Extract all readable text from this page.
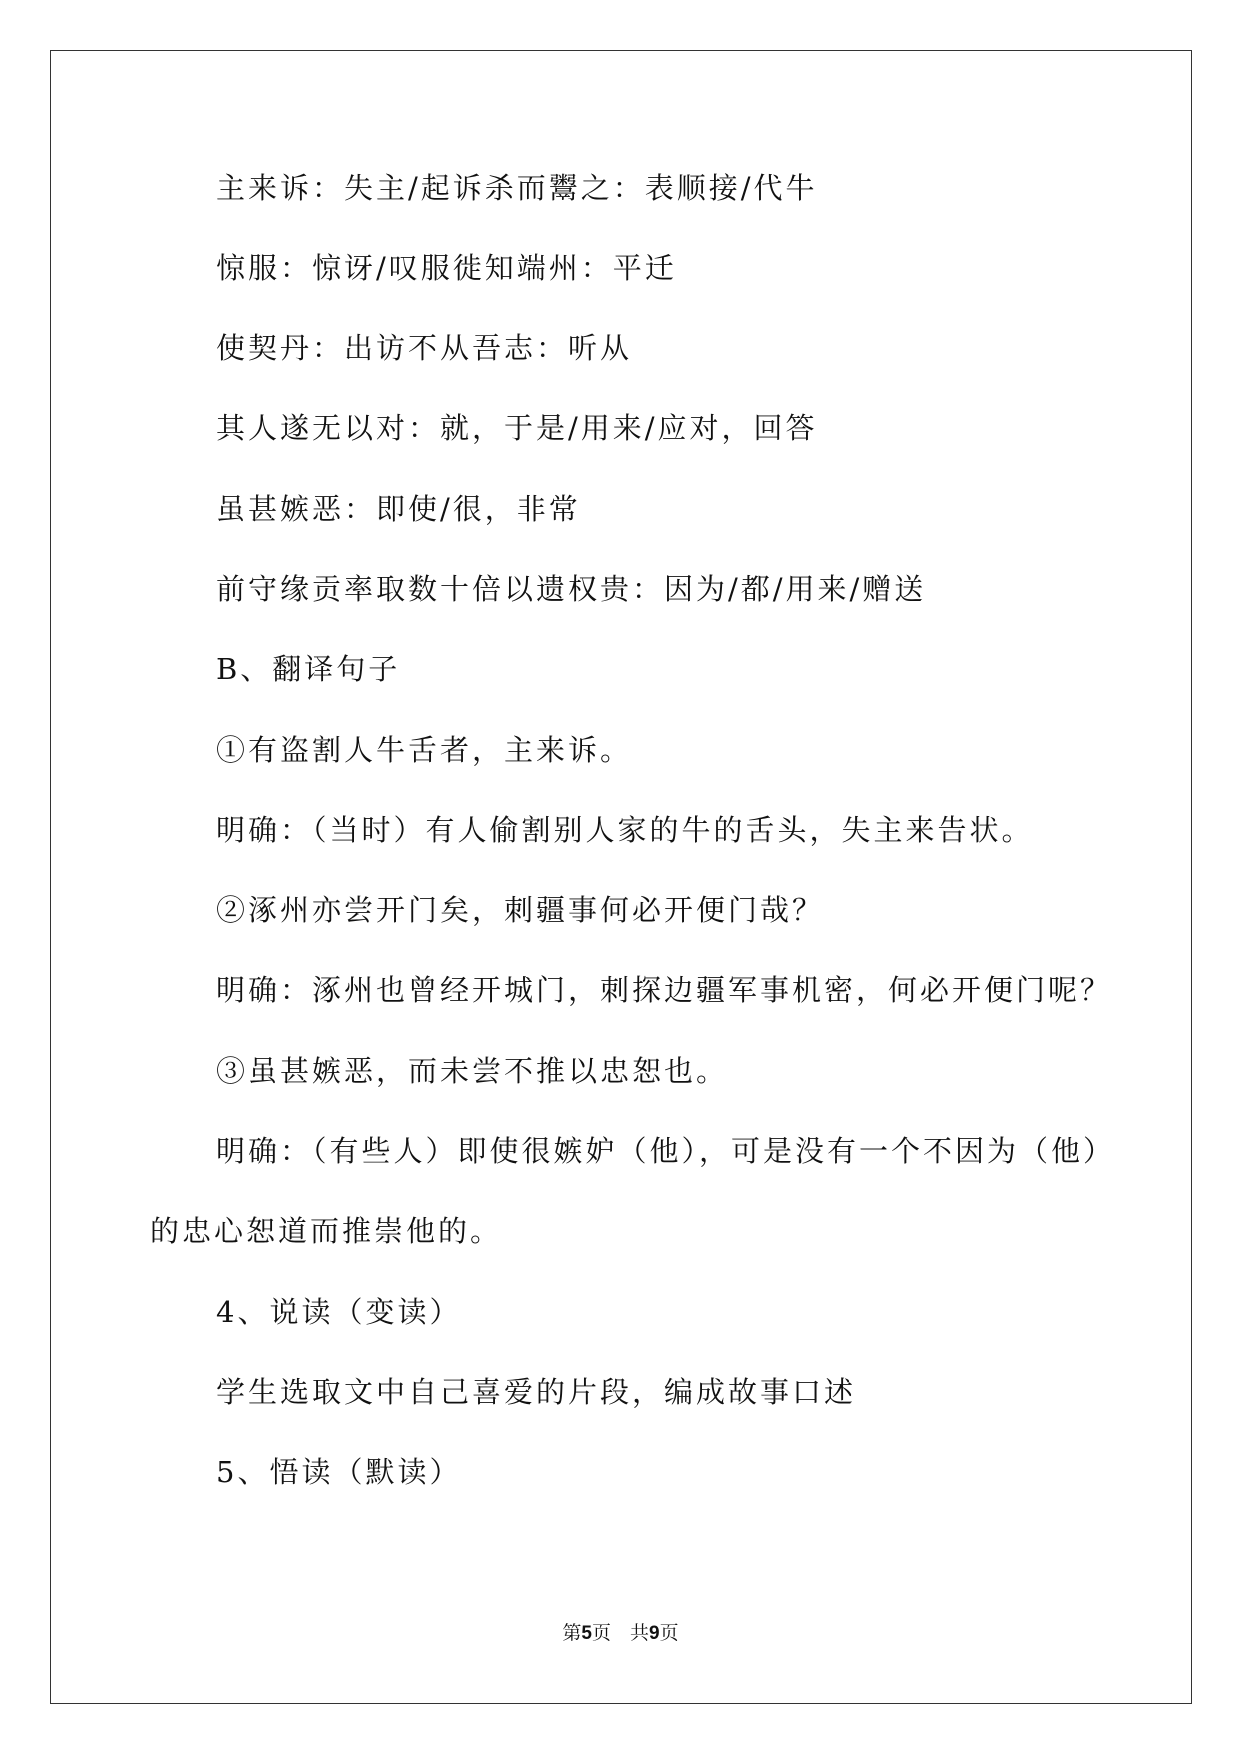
主来诉：失主/起诉杀而鬻之：表顺接/代牛
惊服：惊讶/叹服徙知端州：平迁
使契丹：出访不从吾志：听从
其人遂无以对：就，于是/用来/应对，回答
虽甚嫉恶：即使/很，非常
前守缘贡率取数十倍以遗权贵：因为/都/用来/赠送
B、翻译句子
①有盗割人牛舌者，主来诉。
明确：（当时）有人偷割别人家的牛的舌头，失主来告状。
②涿州亦尝开门矣，刺疆事何必开便门哉？
明确：涿州也曾经开城门，刺探边疆军事机密，何必开便门呢？
③虽甚嫉恶，而未尝不推以忠恕也。
明确：（有些人）即使很嫉妒（他），可是没有一个不因为（他）
的忠心恕道而推崇他的。
4、说读（变读）
学生选取文中自己喜爱的片段，编成故事口述
5、悟读（默读）
第5页　共9页
